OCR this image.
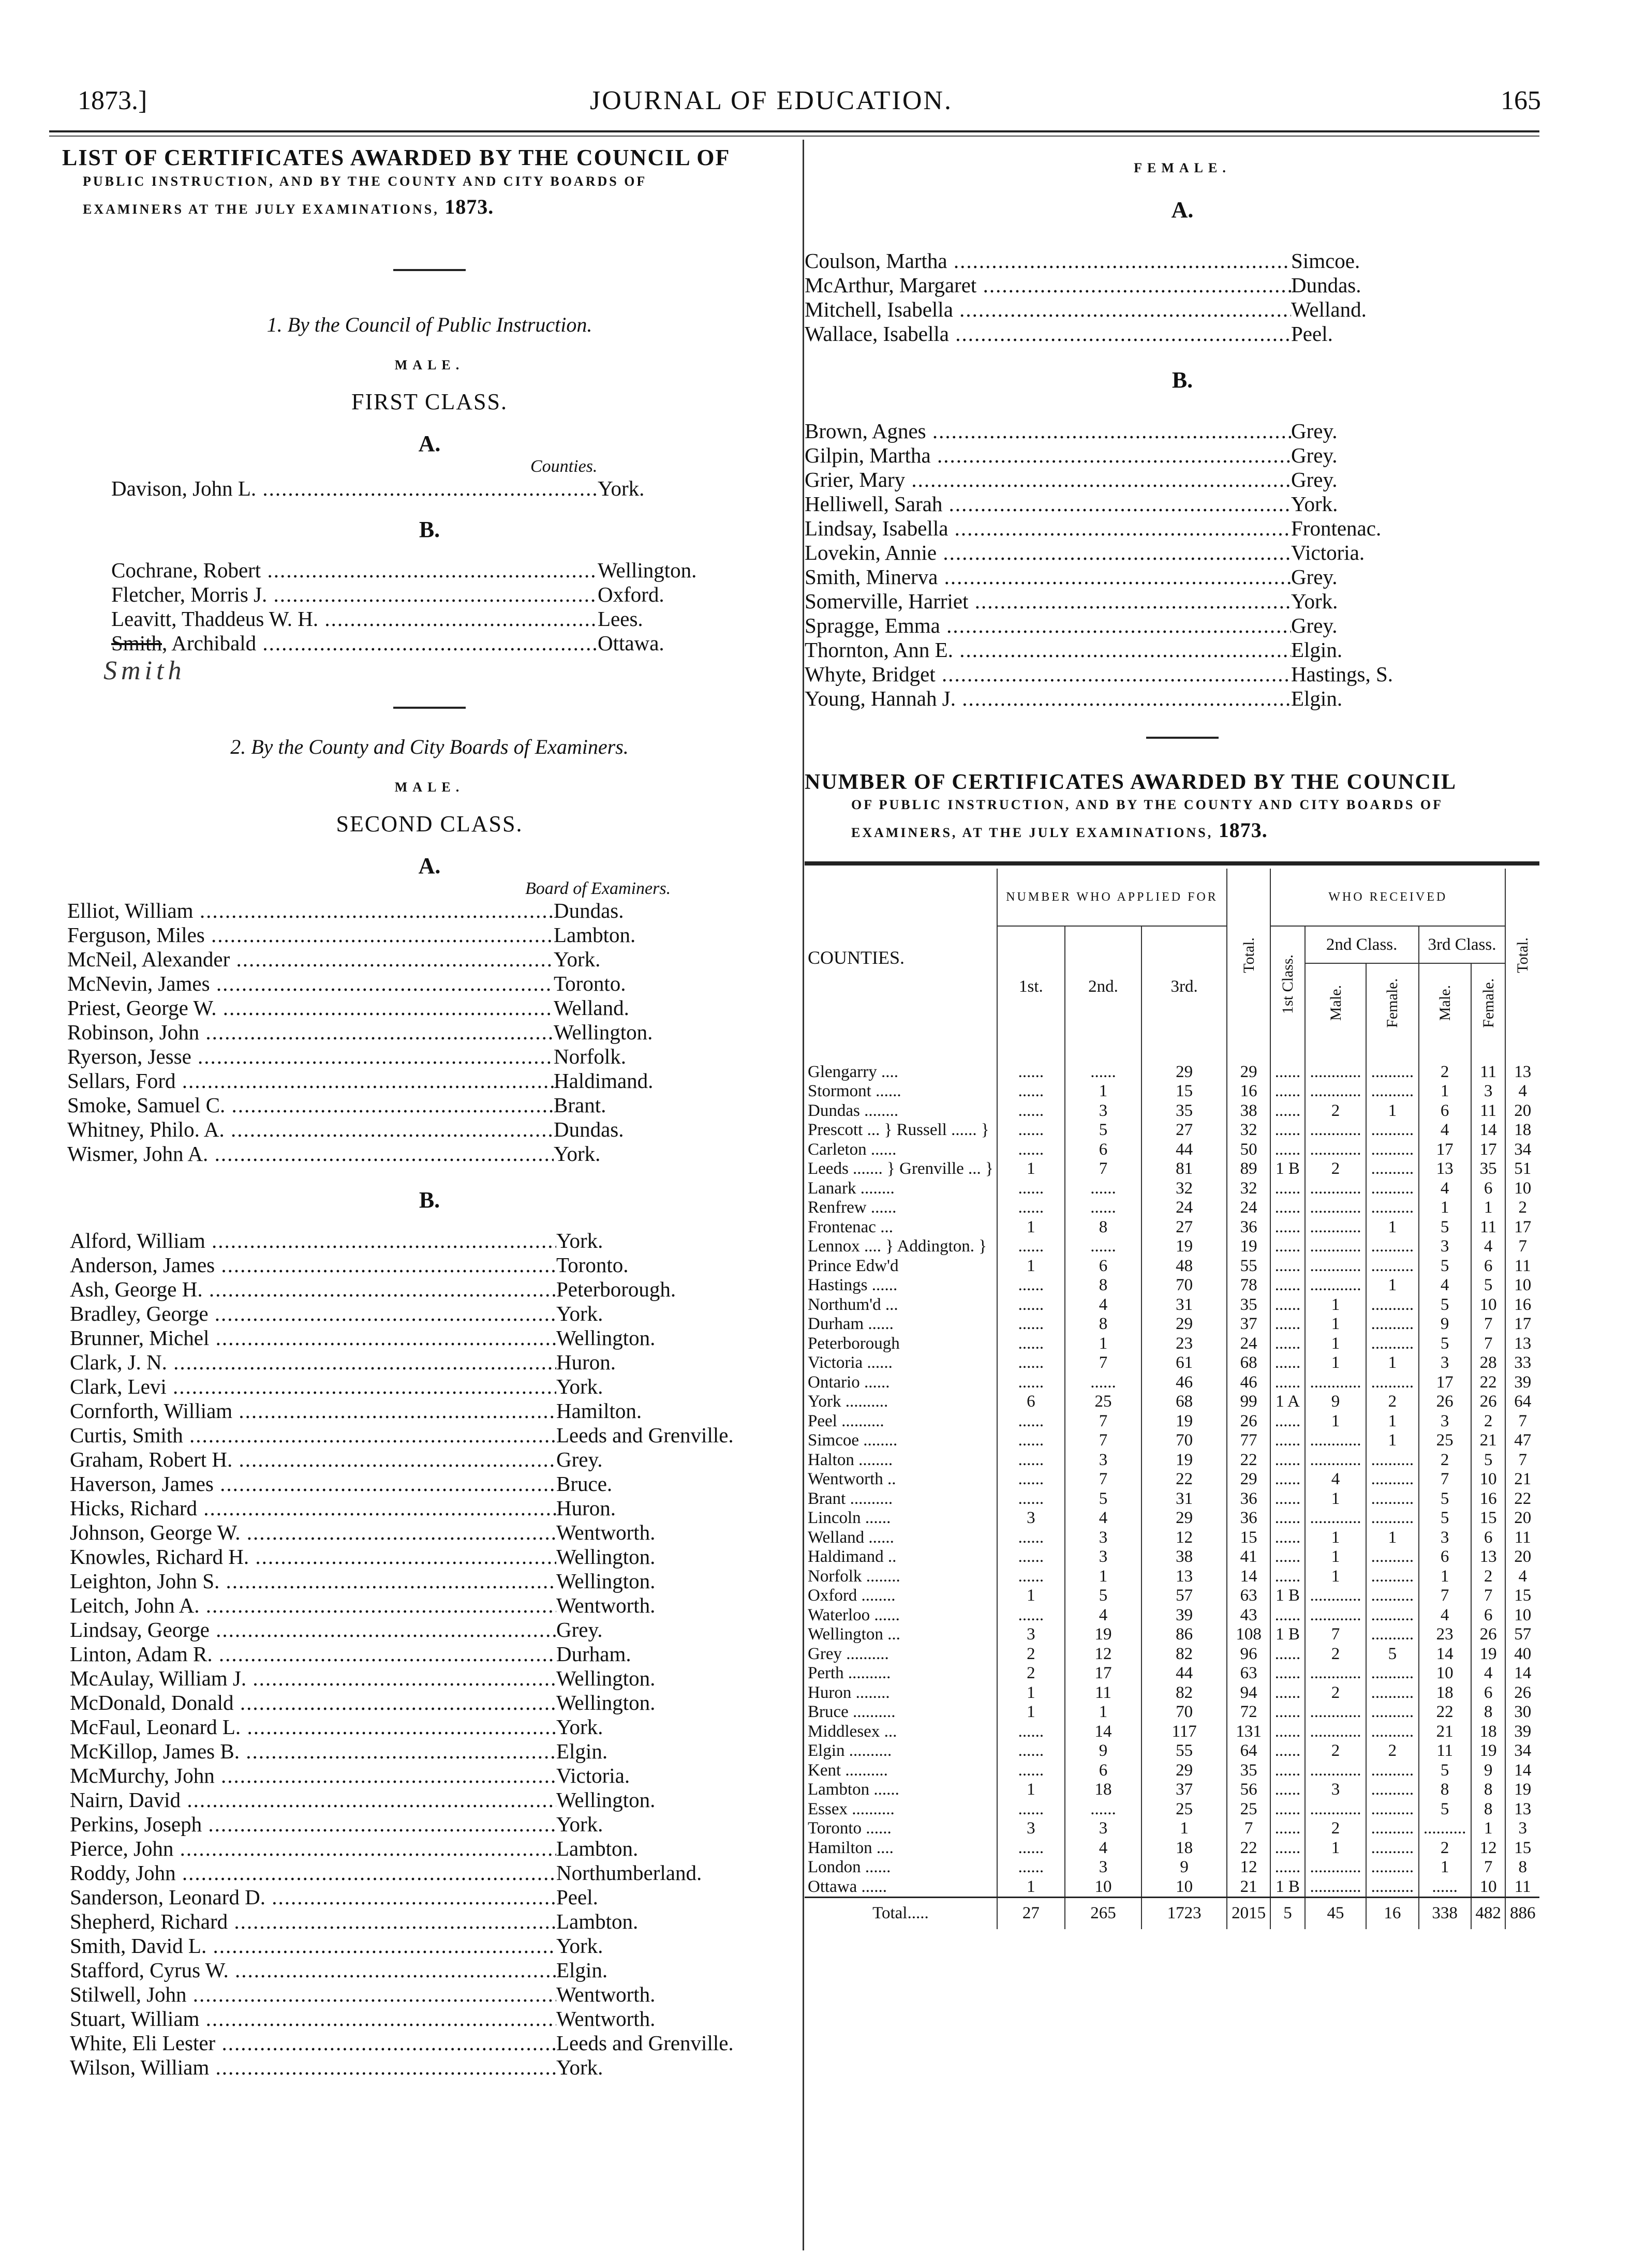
1873.]	JOURNAL OF EDUCATION.	165

LIST OF CERTIFICATES AWARDED BY THE COUNCIL OF

PUBLIC INSTRUCTION, AND BY THE COUNTY AND CITY BOARDS OF
EXAMINERS AT THE JULY EXAMINATIONS, 1873.
1. By the Council of Public Instruction.
MALE.
FIRST CLASS.
A.
Counties.
Davison, John L. .....	York.
B.
Cochrane, Robert .....	Wellington.
Fletcher, Morris J. .....	Oxford.
Leavitt, Thaddeus W. H. .....	Lees.
Smith, Archibald .....	Ottawa.
Smith
2. By the County and City Boards of Examiners.
MALE.
SECOND CLASS.
A.
Board of Examiners.
Elliot, William .....	Dundas.
Ferguson, Miles .....	Lambton.
McNeil, Alexander .....	York.
McNevin, James .....	Toronto.
Priest, George W. .....	Welland.
Robinson, John .....	Wellington.
Ryerson, Jesse .....	Norfolk.
Sellars, Ford .....	Haldimand.
Smoke, Samuel C. .....	Brant.
Whitney, Philo. A. .....	Dundas.
Wismer, John A. .....	York.
B.
Alford, William .....	York.
Anderson, James .....	Toronto.
Ash, George H. .....	Peterborough.
Bradley, George .....	York.
Brunner, Michel .....	Wellington.
Clark, J. N. .....	Huron.
Clark, Levi .....	York.
Cornforth, William .....	Hamilton.
Curtis, Smith .....	Leeds and Grenville.
Graham, Robert H. .....	Grey.
Haverson, James .....	Bruce.
Hicks, Richard .....	Huron.
Johnson, George W. .....	Wentworth.
Knowles, Richard H. .....	Wellington.
Leighton, John S. .....	Wellington.
Leitch, John A. .....	Wentworth.
Lindsay, George .....	Grey.
Linton, Adam R. .....	Durham.
McAulay, William J. .....	Wellington.
McDonald, Donald .....	Wellington.
McFaul, Leonard L. .....	York.
McKillop, James B. .....	Elgin.
McMurchy, John .....	Victoria.
Nairn, David .....	Wellington.
Perkins, Joseph .....	York.
Pierce, John .....	Lambton.
Roddy, John .....	Northumberland.
Sanderson, Leonard D. .....	Peel.
Shepherd, Richard .....	Lambton.
Smith, David L. .....	York.
Stafford, Cyrus W. .....	Elgin.
Stilwell, John .....	Wentworth.
Stuart, William .....	Wentworth.
White, Eli Lester .....	Leeds and Grenville.
Wilson, William .....	York.
FEMALE.
A.
Coulson, Martha .....	Simcoe.
McArthur, Margaret .....	Dundas.
Mitchell, Isabella .....	Welland.
Wallace, Isabella .....	Peel.
B.
Brown, Agnes .....	Grey.
Gilpin, Martha .....	Grey.
Grier, Mary .....	Grey.
Helliwell, Sarah .....	York.
Lindsay, Isabella .....	Frontenac.
Lovekin, Annie .....	Victoria.
Smith, Minerva .....	Grey.
Somerville, Harriet .....	York.
Spragge, Emma .....	Grey.
Thornton, Ann E. .....	Elgin.
Whyte, Bridget .....	Hastings, S.
Young, Hannah J. .....	Elgin.

NUMBER OF CERTIFICATES AWARDED BY THE COUNCIL

OF PUBLIC INSTRUCTION, AND BY THE COUNTY AND CITY BOARDS OF
EXAMINERS, AT THE JULY EXAMINATIONS, 1873.
COUNTIES.	NUMBER WHO APPLIED FOR			Total.	WHO RECEIVED					Total.
	1st.	2nd.	3rd.		1st Class.	2nd Class.		3rd Class.		
						Male.	Female.	Male.	Female.	

Glengarry ....	......	......	29	29	......	............	..........	2	11	13
Stormont ......	......	1	15	16	......	............	..........	1	3	4
Dundas ........	......	3	35	38	......	2	1	6	11	20
Prescott ... } Russell ...... }	......	5	27	32	......	............	..........	4	14	18
Carleton ......	......	6	44	50	......	............	..........	17	17	34
Leeds ....... } Grenville ... }	1	7	81	89	1 B	2	..........	13	35	51
Lanark ........	......	......	32	32	......	............	..........	4	6	10
Renfrew ......	......	......	24	24	......	............	..........	1	1	2
Frontenac ...	1	8	27	36	......	............	1	5	11	17
Lennox .... } Addington. }	......	......	19	19	......	............	..........	3	4	7
Prince Edw'd	1	6	48	55	......	............	..........	5	6	11
Hastings ......	......	8	70	78	......	............	1	4	5	10
Northum'd ...	......	4	31	35	......	1	..........	5	10	16
Durham ......	......	8	29	37	......	1	..........	9	7	17
Peterborough	......	1	23	24	......	1	..........	5	7	13
Victoria ......	......	7	61	68	......	1	1	3	28	33
Ontario ......	......	......	46	46	......	............	..........	17	22	39
York ..........	6	25	68	99	1 A	9	2	26	26	64
Peel ..........	......	7	19	26	......	1	1	3	2	7
Simcoe ........	......	7	70	77	......	............	1	25	21	47
Halton ........	......	3	19	22	......	............	..........	2	5	7
Wentworth ..	......	7	22	29	......	4	..........	7	10	21
Brant ..........	......	5	31	36	......	1	..........	5	16	22
Lincoln ......	3	4	29	36	......	............	..........	5	15	20
Welland ......	......	3	12	15	......	1	1	3	6	11
Haldimand ..	......	3	38	41	......	1	..........	6	13	20
Norfolk ........	......	1	13	14	......	1	..........	1	2	4
Oxford ........	1	5	57	63	1 B	............	..........	7	7	15
Waterloo ......	......	4	39	43	......	............	..........	4	6	10
Wellington ...	3	19	86	108	1 B	7	..........	23	26	57
Grey ..........	2	12	82	96	......	2	5	14	19	40
Perth ..........	2	17	44	63	......	............	..........	10	4	14
Huron ........	1	11	82	94	......	2	..........	18	6	26
Bruce ..........	1	1	70	72	......	............	..........	22	8	30
Middlesex ...	......	14	117	131	......	............	..........	21	18	39
Elgin ..........	......	9	55	64	......	2	2	11	19	34
Kent ..........	......	6	29	35	......	............	..........	5	9	14
Lambton ......	1	18	37	56	......	3	..........	8	8	19
Essex ..........	......	......	25	25	......	............	..........	5	8	13
Toronto ......	3	3	1	7	......	2	..........	..........	1	3
Hamilton ....	......	4	18	22	......	1	..........	2	12	15
London ......	......	3	9	12	......	............	..........	1	7	8
Ottawa ......	1	10	10	21	1 B	............	..........	......	10	11
Total.....	27	265	1723	2015	5	45	16	338	482	886
